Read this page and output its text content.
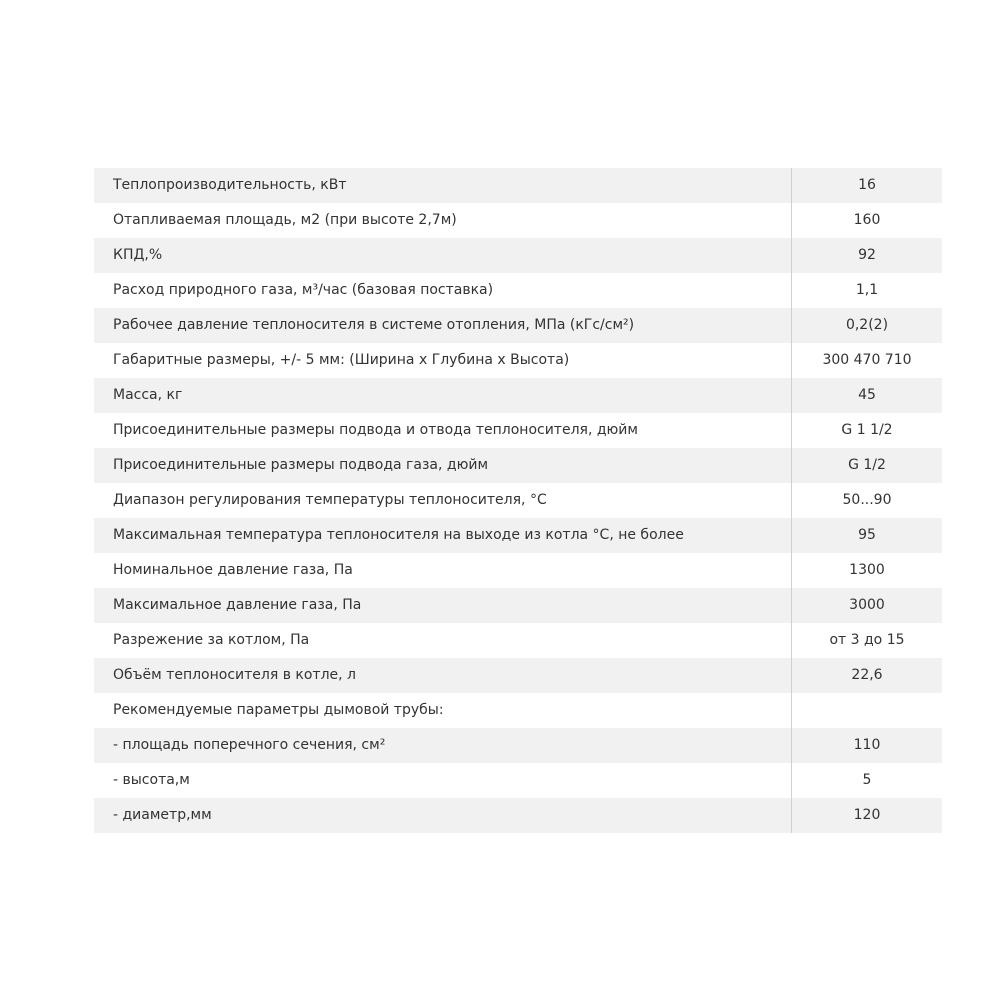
Теплопроизводительность, кВт	16
Отапливаемая площадь, м2 (при высоте 2,7м)	160
КПД,%	92
Расход природного газа, м³/час (базовая поставка)	1,1
Рабочее давление теплоносителя в системе отопления, МПа (кГс/см²)	0,2(2)
Габаритные размеры, +/- 5 мм: (Ширина х Глубина х Высота)	300 470 710
Масса, кг	45
Присоединительные размеры подвода и отвода теплоносителя, дюйм	G 1 1/2
Присоединительные размеры подвода газа, дюйм	G 1/2
Диапазон регулирования температуры теплоносителя, °С	50...90
Максимальная температура теплоносителя на выходе из котла °С, не более	95
Номинальное давление газа, Па	1300
Максимальное давление газа, Па	3000
Разрежение за котлом, Па	от 3 до 15
Объём теплоносителя в котле, л	22,6
Рекомендуемые параметры дымовой трубы:	
- площадь поперечного сечения, см²	110
- высота,м	5
- диаметр,мм	120
